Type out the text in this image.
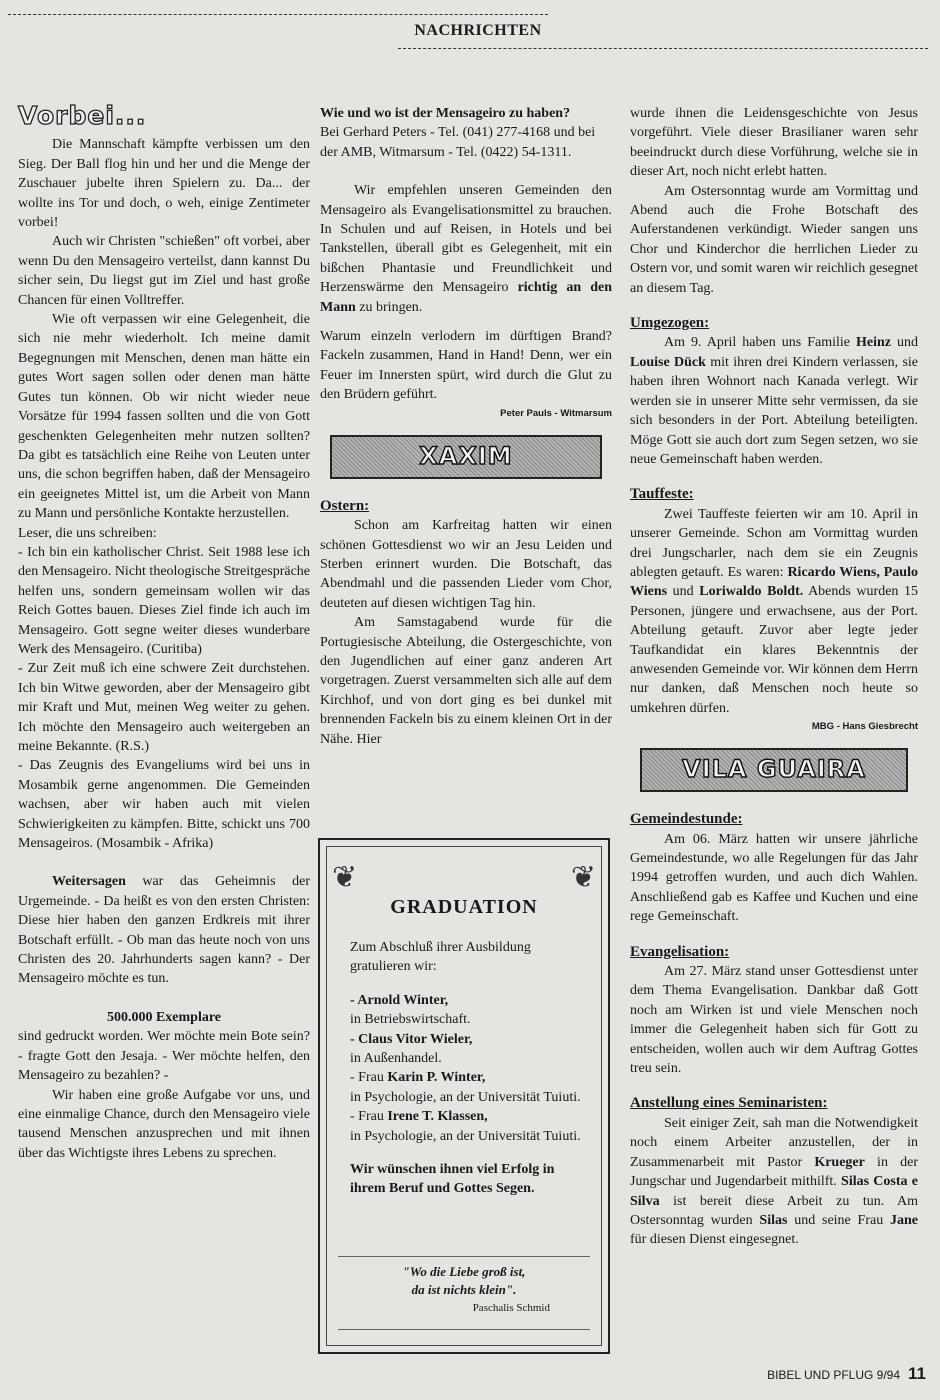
NACHRICHTEN
Vorbei...

Die Mannschaft kämpfte verbissen um den Sieg. Der Ball flog hin und her und die Menge der Zuschauer jubelte ihren Spielern zu. Da... der wollte ins Tor und doch, o weh, einige Zentimeter vorbei!

Auch wir Christen "schießen" oft vorbei, aber wenn Du den Mensageiro verteilst, dann kannst Du sicher sein, Du liegst gut im Ziel und hast große Chancen für einen Volltreffer.

Wie oft verpassen wir eine Gelegenheit, die sich nie mehr wiederholt. Ich meine damit Begegnungen mit Menschen, denen man hätte ein gutes Wort sagen sollen oder denen man hätte Gutes tun können. Ob wir nicht wieder neue Vorsätze für 1994 fassen sollten und die von Gott geschenkten Gelegenheiten mehr nutzen sollten? Da gibt es tatsächlich eine Reihe von Leuten unter uns, die schon begriffen haben, daß der Mensageiro ein geeignetes Mittel ist, um die Arbeit von Mann zu Mann und persönliche Kontakte herzustellen.

Leser, die uns schreiben:

- Ich bin ein katholischer Christ. Seit 1988 lese ich den Mensageiro. Nicht theologische Streitgespräche helfen uns, sondern gemeinsam wollen wir das Reich Gottes bauen. Dieses Ziel finde ich auch im Mensageiro. Gott segne weiter dieses wunderbare Werk des Mensageiro. (Curitiba)

- Zur Zeit muß ich eine schwere Zeit durchstehen. Ich bin Witwe geworden, aber der Mensageiro gibt mir Kraft und Mut, meinen Weg weiter zu gehen. Ich möchte den Mensageiro auch weitergeben an meine Bekannte. (R.S.)

- Das Zeugnis des Evangeliums wird bei uns in Mosambik gerne angenommen. Die Gemeinden wachsen, aber wir haben auch mit vielen Schwierigkeiten zu kämpfen. Bitte, schickt uns 700 Mensageiros. (Mosambik - Afrika)

Weitersagen war das Geheimnis der Urgemeinde. - Da heißt es von den ersten Christen: Diese hier haben den ganzen Erdkreis mit ihrer Botschaft erfüllt. - Ob man das heute noch von uns Christen des 20. Jahrhunderts sagen kann? - Der Mensageiro möchte es tun.

500.000 Exemplare

sind gedruckt worden. Wer möchte mein Bote sein? - fragte Gott den Jesaja. - Wer möchte helfen, den Mensageiro zu bezahlen? -

Wir haben eine große Aufgabe vor uns, und eine einmalige Chance, durch den Mensageiro viele tausend Menschen anzusprechen und mit ihnen über das Wichtigste ihres Lebens zu sprechen.

Wie und wo ist der Mensageiro zu haben?

Bei Gerhard Peters - Tel. (041) 277-4168 und bei der AMB, Witmarsum - Tel. (0422) 54-1311.

Wir empfehlen unseren Gemeinden den Mensageiro als Evangelisationsmittel zu brauchen. In Schulen und auf Reisen, in Hotels und bei Tankstellen, überall gibt es Gelegenheit, mit ein bißchen Phantasie und Freundlichkeit und Herzenswärme den Mensageiro richtig an den Mann zu bringen.

Warum einzeln verlodern im dürftigen Brand? Fackeln zusammen, Hand in Hand! Denn, wer ein Feuer im Innersten spürt, wird durch die Glut zu den Brüdern geführt.

Peter Pauls - Witmarsum
XAXIM

Ostern:

Schon am Karfreitag hatten wir einen schönen Gottesdienst wo wir an Jesu Leiden und Sterben erinnert wurden. Die Botschaft, das Abendmahl und die passenden Lieder vom Chor, deuteten auf diesen wichtigen Tag hin.

Am Samstagabend wurde für die Portugiesische Abteilung, die Ostergeschichte, von den Jugendlichen auf einer ganz anderen Art vorgetragen. Zuerst versammelten sich alle auf dem Kirchhof, und von dort ging es bei dunkel mit brennenden Fackeln bis zu einem kleinen Ort in der Nähe. Hier

❦	❦
GRADUATION

Zum Abschluß ihrer Ausbildung gratulieren wir:

- Arnold Winter,

in Betriebswirtschaft.

- Claus Vitor Wieler,

in Außenhandel.

- Frau Karin P. Winter,

in Psychologie, an der Universität Tuiuti.

- Frau Irene T. Klassen,

in Psychologie, an der Universität Tuiuti.

Wir wünschen ihnen viel Erfolg in ihrem Beruf und Gottes Segen.

"Wo die Liebe groß ist,
da ist nichts klein".
Paschalis Schmid

wurde ihnen die Leidensgeschichte von Jesus vorgeführt. Viele dieser Brasilianer waren sehr beeindruckt durch diese Vorführung, welche sie in dieser Art, noch nicht erlebt hatten.

Am Ostersonntag wurde am Vormittag und Abend auch die Frohe Botschaft des Auferstandenen verkündigt. Wieder sangen uns Chor und Kinderchor die herrlichen Lieder zu Ostern vor, und somit waren wir reichlich gesegnet an diesem Tag.

Umgezogen:

Am 9. April haben uns Familie Heinz und Louise Dück mit ihren drei Kindern verlassen, sie haben ihren Wohnort nach Kanada verlegt. Wir werden sie in unserer Mitte sehr vermissen, da sie sich besonders in der Port. Abteilung beteiligten. Möge Gott sie auch dort zum Segen setzen, wo sie neue Gemeinschaft haben werden.

Tauffeste:

Zwei Tauffeste feierten wir am 10. April in unserer Gemeinde. Schon am Vormittag wurden drei Jungscharler, nach dem sie ein Zeugnis ablegten getauft. Es waren: Ricardo Wiens, Paulo Wiens und Loriwaldo Boldt. Abends wurden 15 Personen, jüngere und erwachsene, aus der Port. Abteilung getauft. Zuvor aber legte jeder Taufkandidat ein klares Bekenntnis der anwesenden Gemeinde vor. Wir können dem Herrn nur danken, daß Menschen noch heute so umkehren dürfen.

MBG - Hans Giesbrecht
VILA GUAIRA

Gemeindestunde:

Am 06. März hatten wir unsere jährliche Gemeindestunde, wo alle Regelungen für das Jahr 1994 getroffen wurden, und auch dich Wahlen. Anschließend gab es Kaffee und Kuchen und eine rege Gemeinschaft.

Evangelisation:

Am 27. März stand unser Gottesdienst unter dem Thema Evangelisation. Dankbar daß Gott noch am Wirken ist und viele Menschen noch immer die Gelegenheit haben sich für Gott zu entscheiden, wollen auch wir dem Auftrag Gottes treu sein.

Anstellung eines Seminaristen:

Seit einiger Zeit, sah man die Notwendigkeit noch einem Arbeiter anzustellen, der in Zusammenarbeit mit Pastor Krueger in der Jungschar und Jugendarbeit mithilft. Silas Costa e Silva ist bereit diese Arbeit zu tun. Am Ostersonntag wurden Silas und seine Frau Jane für diesen Dienst eingesegnet.

BIBEL UND PFLUG 9/94 11
